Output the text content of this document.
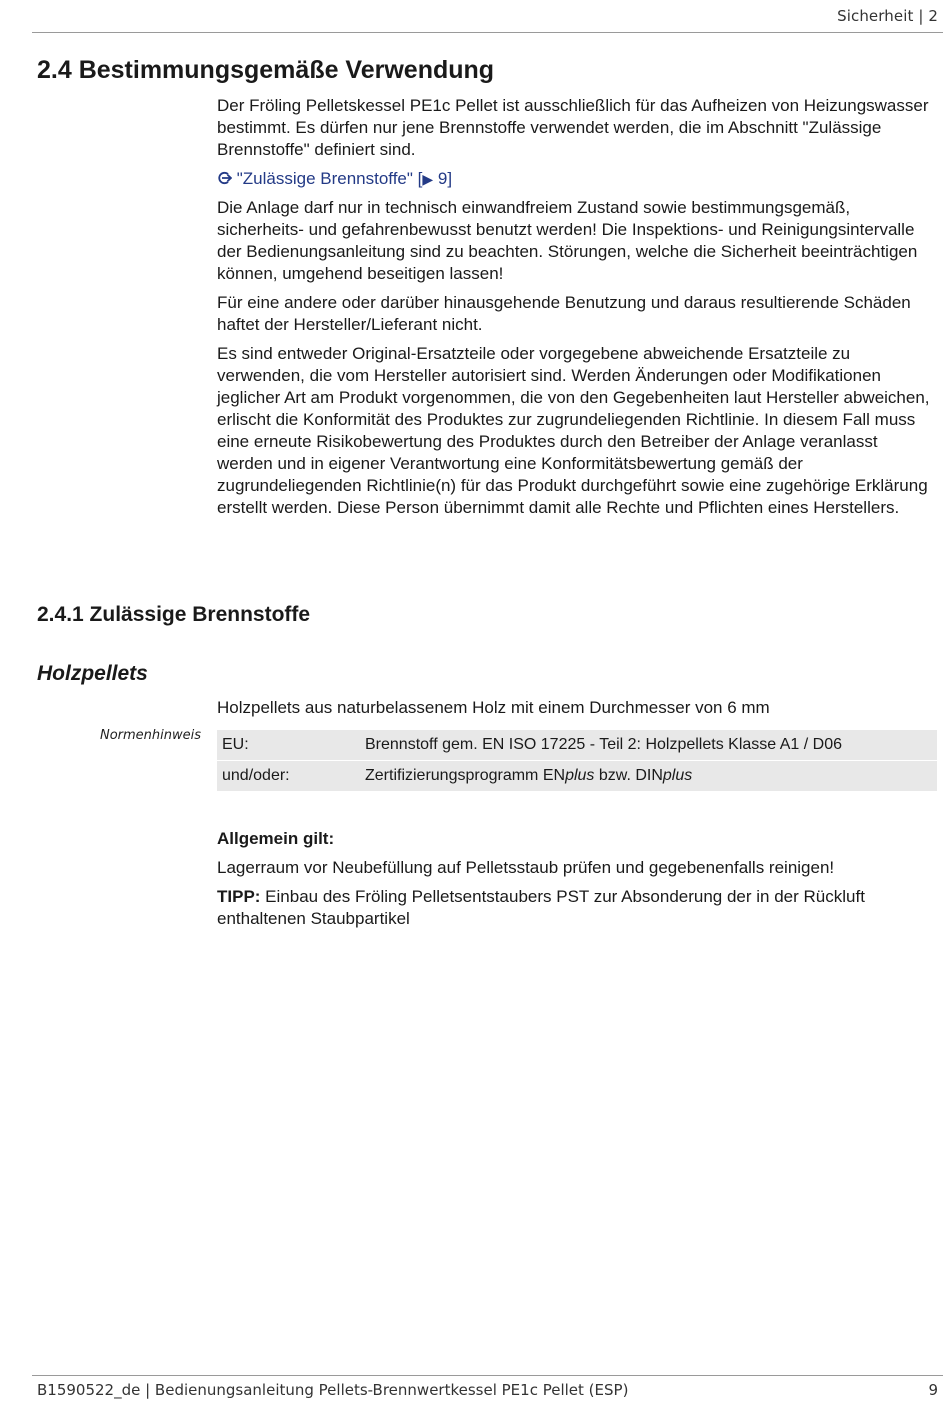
Sicherheit | 2
2.4 Bestimmungsgemäße Verwendung

Der Fröling Pelletskessel PE1c Pellet ist ausschließlich für das Aufheizen von Heizungswasser bestimmt. Es dürfen nur jene Brennstoffe verwendet werden, die im Abschnitt "Zulässige Brennstoffe" definiert sind.

"Zulässige Brennstoffe" [▶ 9]

Die Anlage darf nur in technisch einwandfreiem Zustand sowie bestimmungsgemäß, sicherheits- und gefahrenbewusst benutzt werden! Die Inspektions- und Reinigungsintervalle der Bedienungsanleitung sind zu beachten. Störungen, welche die Sicherheit beeinträchtigen können, umgehend beseitigen lassen!

Für eine andere oder darüber hinausgehende Benutzung und daraus resultierende Schäden haftet der Hersteller/Lieferant nicht.

Es sind entweder Original-Ersatzteile oder vorgegebene abweichende Ersatzteile zu verwenden, die vom Hersteller autorisiert sind. Werden Änderungen oder Modifikationen jeglicher Art am Produkt vorgenommen, die von den Gegebenheiten laut Hersteller abweichen, erlischt die Konformität des Produktes zur zugrundeliegenden Richtlinie. In diesem Fall muss eine erneute Risikobewertung des Produktes durch den Betreiber der Anlage veranlasst werden und in eigener Verantwortung eine Konformitätsbewertung gemäß der zugrundeliegenden Richtlinie(n) für das Produkt durchgeführt sowie eine zugehörige Erklärung erstellt werden. Diese Person übernimmt damit alle Rechte und Pflichten eines Herstellers.

2.4.1 Zulässige Brennstoffe
Holzpellets
Holzpellets aus naturbelassenem Holz mit einem Durchmesser von 6 mm
Normenhinweis
EU:	Brennstoff gem. EN ISO 17225 - Teil 2: Holzpellets Klasse A1 / D06
und/oder:	Zertifizierungsprogramm ENplus bzw. DINplus

Allgemein gilt:

Lagerraum vor Neubefüllung auf Pelletsstaub prüfen und gegebenenfalls reinigen!

TIPP: Einbau des Fröling Pelletsentstaubers PST zur Absonderung der in der Rückluft enthaltenen Staubpartikel

B1590522_de | Bedienungsanleitung Pellets-Brennwertkessel PE1c Pellet (ESP)	9
